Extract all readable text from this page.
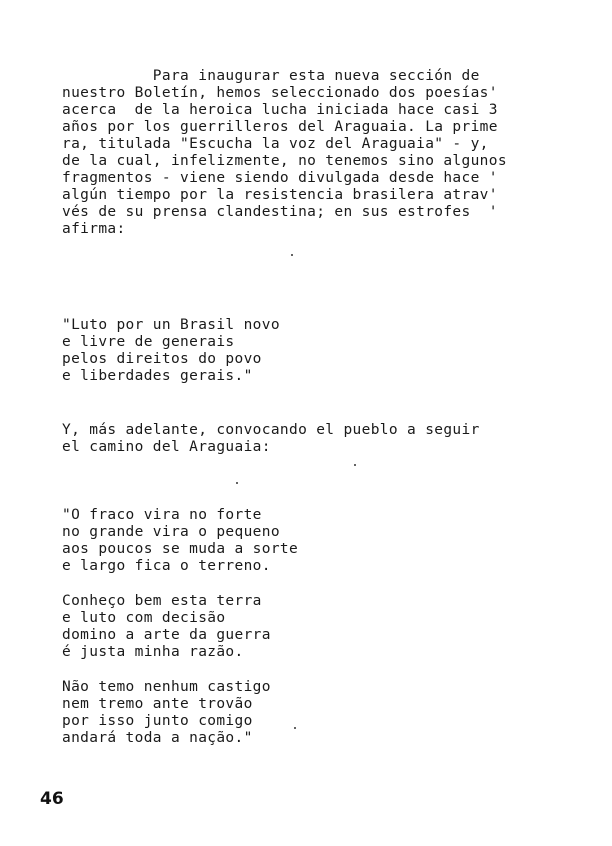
Para inaugurar esta nueva sección de

nuestro Boletín, hemos seleccionado dos poesías'

acerca  de la heroica lucha iniciada hace casi 3

años por los guerrilleros del Araguaia. La prime

ra, titulada "Escucha la voz del Araguaia" - y,

de la cual, infelizmente, no tenemos sino algunos

fragmentos - viene siendo divulgada desde hace '

algún tiempo por la resistencia brasilera atrav'

vés de su prensa clandestina; en sus estrofes  '

afirma:

"Luto por un Brasil novo

e livre de generais

pelos direitos do povo

e liberdades gerais."

Y, más adelante, convocando el pueblo a seguir

el camino del Araguaia:

"O fraco vira no forte

no grande vira o pequeno

aos poucos se muda a sorte

e largo fica o terreno.

Conheço bem esta terra

e luto com decisão

domino a arte da guerra

é justa minha razão.

Não temo nenhum castigo

nem tremo ante trovão

por isso junto comigo

andará toda a nação."

46
